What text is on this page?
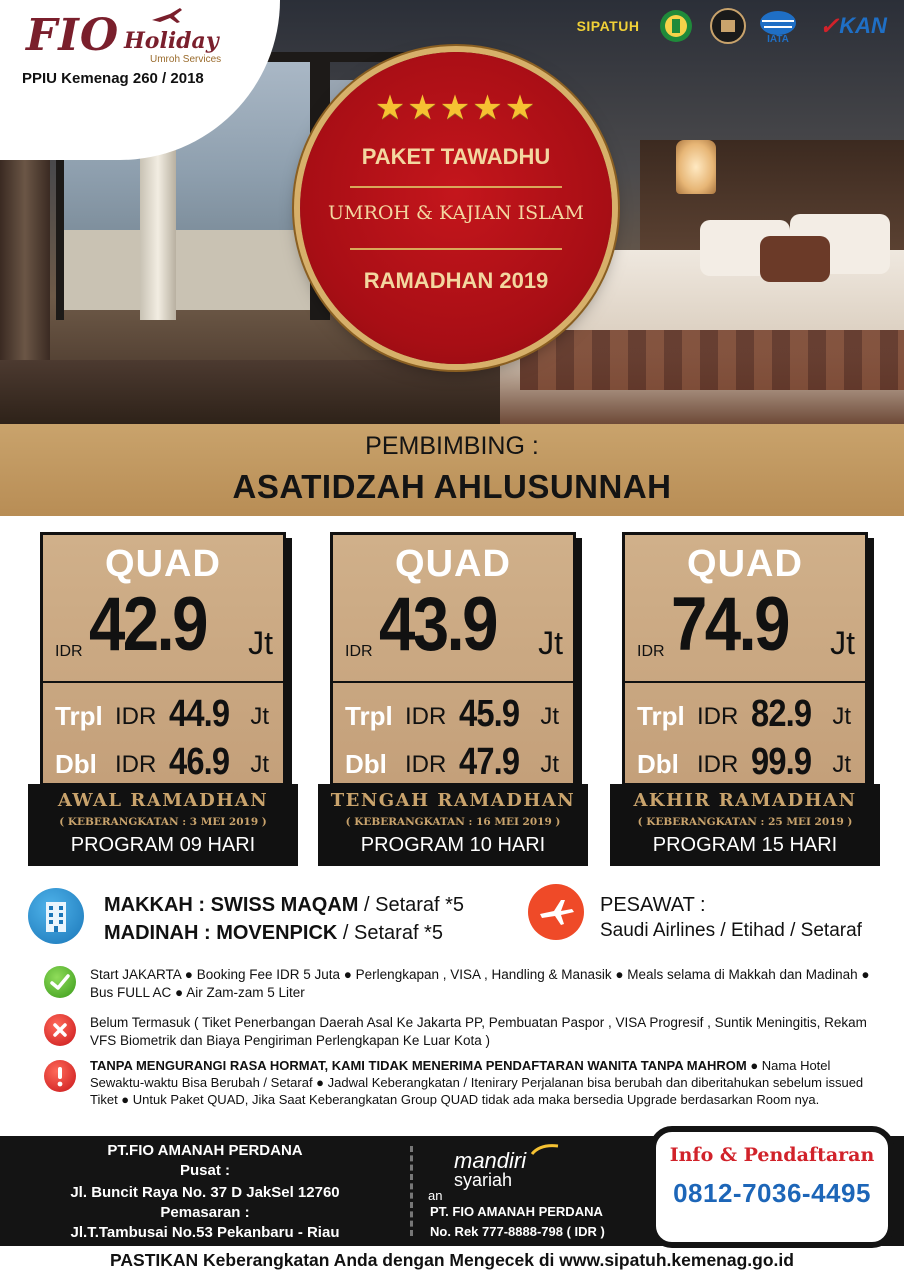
FIO Holiday
Umroh Services
PPIU Kemenag 260 / 2018
SIPATUH
IATA ✓ KAN
★★★★★
PAKET TAWADHU
UMROH & KAJIAN ISLAM
RAMADHAN 2019
PEMBIMBING :
ASATIDZAH AHLUSUNNAH
QUAD
IDR 42.9 Jt
Trpl IDR 44.9 Jt
Dbl IDR 46.9 Jt
AWAL RAMADHAN
( KEBERANGKATAN : 3 MEI 2019 )
PROGRAM 09 HARI
QUAD
IDR 43.9 Jt
Trpl IDR 45.9 Jt
Dbl IDR 47.9 Jt
TENGAH RAMADHAN
( KEBERANGKATAN : 16 MEI 2019 )
PROGRAM 10 HARI
QUAD
IDR 74.9 Jt
Trpl IDR 82.9 Jt
Dbl IDR 99.9 Jt
AKHIR RAMADHAN
( KEBERANGKATAN : 25 MEI 2019 )
PROGRAM 15 HARI
MAKKAH : SWISS MAQAM / Setaraf *5
MADINAH : MOVENPICK / Setaraf *5
PESAWAT :
Saudi Airlines / Etihad / Setaraf
Start JAKARTA ● Booking Fee IDR 5 Juta ● Perlengkapan , VISA , Handling & Manasik ● Meals selama di Makkah dan Madinah ● Bus FULL AC ● Air Zam-zam 5 Liter
Belum Termasuk ( Tiket Penerbangan Daerah Asal Ke Jakarta PP, Pembuatan Paspor , VISA Progresif , Suntik Meningitis, Rekam VFS Biometrik dan Biaya Pengiriman Perlengkapan Ke Luar Kota )
TANPA MENGURANGI RASA HORMAT, KAMI TIDAK MENERIMA PENDAFTARAN WANITA TANPA MAHROM ● Nama Hotel Sewaktu-waktu Bisa Berubah / Setaraf ● Jadwal Keberangkatan / Itenirary Perjalanan bisa berubah dan diberitahukan sebelum issued Tiket ● Untuk Paket QUAD, Jika Saat Keberangkatan Group QUAD tidak ada maka bersedia Upgrade berdasarkan Room nya.
PT.FIO AMANAH PERDANA
Pusat :
Jl. Buncit Raya No. 37 D JakSel 12760
Pemasaran :
Jl.T.Tambusai No.53 Pekanbaru - Riau
mandiri
syariah
an
PT. FIO AMANAH PERDANA
No. Rek 777-8888-798 ( IDR )
Info & Pendaftaran
0812-7036-4495
PASTIKAN Keberangkatan Anda dengan Mengecek di www.sipatuh.kemenag.go.id
